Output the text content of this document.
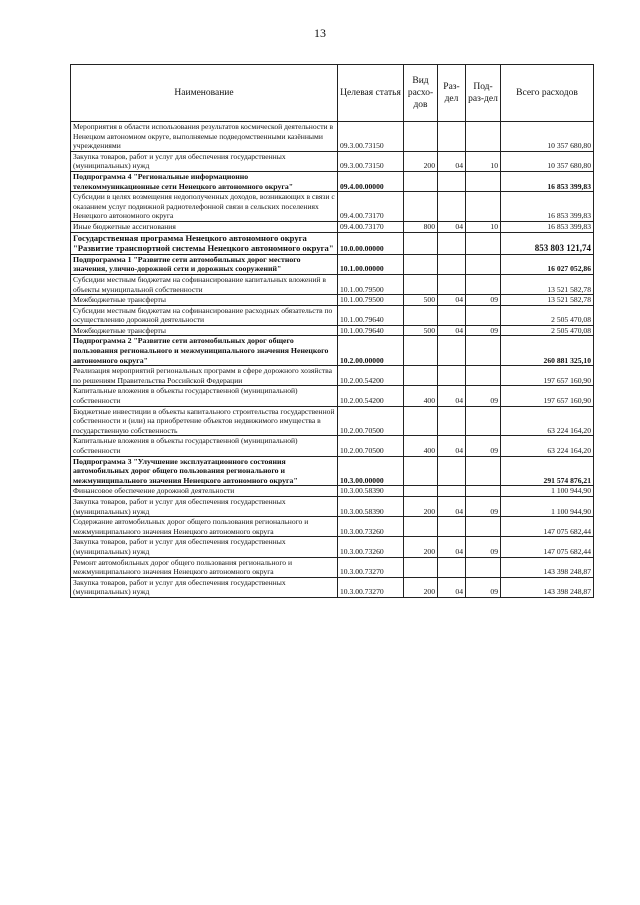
13
Наименование	Целевая статья	Вид расхо-дов	Раз-дел	Под-раз-дел	Всего расходов
Мероприятия в области использования результатов космической деятельности в Ненецком автономном округе, выполняемые подведомственными казёнными учреждениями	09.3.00.73150				10 357 680,80
Закупка товаров, работ и услуг для обеспечения государственных (муниципальных) нужд	09.3.00.73150	200	04	10	10 357 680,80
Подпрограмма 4 "Региональные информационно телекоммуникационные сети Ненецкого автономного округа"	09.4.00.00000				16 853 399,83
Субсидии в целях возмещения недополученных доходов, возникающих в связи с оказанием услуг подвижной радиотелефонной связи в сельских поселениях Ненецкого автономного округа	09.4.00.73170				16 853 399,83
Иные бюджетные ассигнования	09.4.00.73170	800	04	10	16 853 399,83
Государственная программа Ненецкого автономного округа "Развитие транспортной системы Ненецкого автономного округа"	10.0.00.00000				853 803 121,74
Подпрограмма 1 "Развитие сети автомобильных дорог местного значения, улично-дорожной сети и дорожных сооружений"	10.1.00.00000				16 027 052,86
Субсидии местным бюджетам на софинансирование капитальных вложений в объекты муниципальной собственности	10.1.00.79500				13 521 582,78
Межбюджетные трансферты	10.1.00.79500	500	04	09	13 521 582,78
Субсидии местным бюджетам на софинансирование расходных обязательств по осуществлению дорожной деятельности	10.1.00.79640				2 505 470,08
Межбюджетные трансферты	10.1.00.79640	500	04	09	2 505 470,08
Подпрограмма 2 "Развитие сети автомобильных дорог общего пользования регионального и межмуниципального значения Ненецкого автономного округа"	10.2.00.00000				260 881 325,10
Реализация мероприятий региональных программ в сфере дорожного хозяйства по решениям Правительства Российской Федерации	10.2.00.54200				197 657 160,90
Капитальные вложения в объекты государственной (муниципальной) собственности	10.2.00.54200	400	04	09	197 657 160,90
Бюджетные инвестиции в объекты капитального строительства государственной собственности и (или) на приобретение объектов недвижимого имущества в государственную собственность	10.2.00.70500				63 224 164,20
Капитальные вложения в объекты государственной (муниципальной) собственности	10.2.00.70500	400	04	09	63 224 164,20
Подпрограмма 3 "Улучшение эксплуатационного состояния автомобильных дорог общего пользования регионального и межмуниципального значения Ненецкого автономного округа"	10.3.00.00000				291 574 876,21
Финансовое обеспечение дорожной деятельности	10.3.00.58390				1 100 944,90
Закупка товаров, работ и услуг для обеспечения государственных (муниципальных) нужд	10.3.00.58390	200	04	09	1 100 944,90
Содержание автомобильных дорог общего пользования регионального и межмуниципального значения Ненецкого автономного округа	10.3.00.73260				147 075 682,44
Закупка товаров, работ и услуг для обеспечения государственных (муниципальных) нужд	10.3.00.73260	200	04	09	147 075 682,44
Ремонт автомобильных дорог общего пользования регионального и межмуниципального значения Ненецкого автономного округа	10.3.00.73270				143 398 248,87
Закупка товаров, работ и услуг для обеспечения государственных (муниципальных) нужд	10.3.00.73270	200	04	09	143 398 248,87
